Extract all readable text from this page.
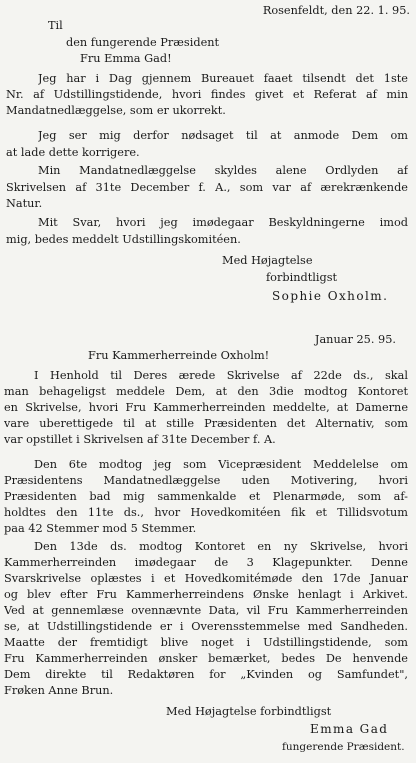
Rosenfeldt, den 22. 1. 95.
Til
den fungerende Præsident
Fru Emma Gad!
Jeg har i Dag gjennem Bureauet faaet tilsendt det 1ste
Nr. af Udstillingstidende, hvori findes givet et Referat af min
Mandatnedlæggelse, som er ukorrekt.
Jeg ser mig derfor nødsaget til at anmode Dem om
at lade dette korrigere.
Min Mandatnedlæggelse skyldes alene Ordlyden af
Skrivelsen af 31te December f. A., som var af ærekrænkende
Natur.
Mit Svar, hvori jeg imødegaar Beskyldningerne imod
mig, bedes meddelt Udstillingskomitéen.
Med Højagtelse
forbindtligst
Sophie Oxholm.
Januar 25. 95.
Fru Kammerherreinde Oxholm!
I Henhold til Deres ærede Skrivelse af 22de ds., skal
man behageligst meddele Dem, at den 3die modtog Kontoret
en Skrivelse, hvori Fru Kammerherreinden meddelte, at Damerne
vare uberettigede til at stille Præsidenten det Alternativ, som
var opstillet i Skrivelsen af 31te December f. A.
Den 6te modtog jeg som Vicepræsident Meddelelse om
Præsidentens Mandatnedlæggelse uden Motivering, hvori
Præsidenten bad mig sammenkalde et Plenarmøde, som af-
holdtes den 11te ds., hvor Hovedkomitéen fik et Tillidsvotum
paa 42 Stemmer mod 5 Stemmer.
Den 13de ds. modtog Kontoret en ny Skrivelse, hvori
Kammerherreinden imødegaar de 3 Klagepunkter. Denne
Svarskrivelse oplæstes i et Hovedkomitémøde den 17de Januar
og blev efter Fru Kammerherreindens Ønske henlagt i Arkivet.
Ved at gennemlæse ovennævnte Data, vil Fru Kammerherreinden
se, at Udstillingstidende er i Overensstemmelse med Sandheden.
Maatte der fremtidigt blive noget i Udstillingstidende, som
Fru Kammerherreinden ønsker bemærket, bedes De henvende
Dem direkte til Redaktøren for „Kvinden og Samfundet",
Frøken Anne Brun.
Med Højagtelse forbindtligst
Emma Gad
fungerende Præsident.
